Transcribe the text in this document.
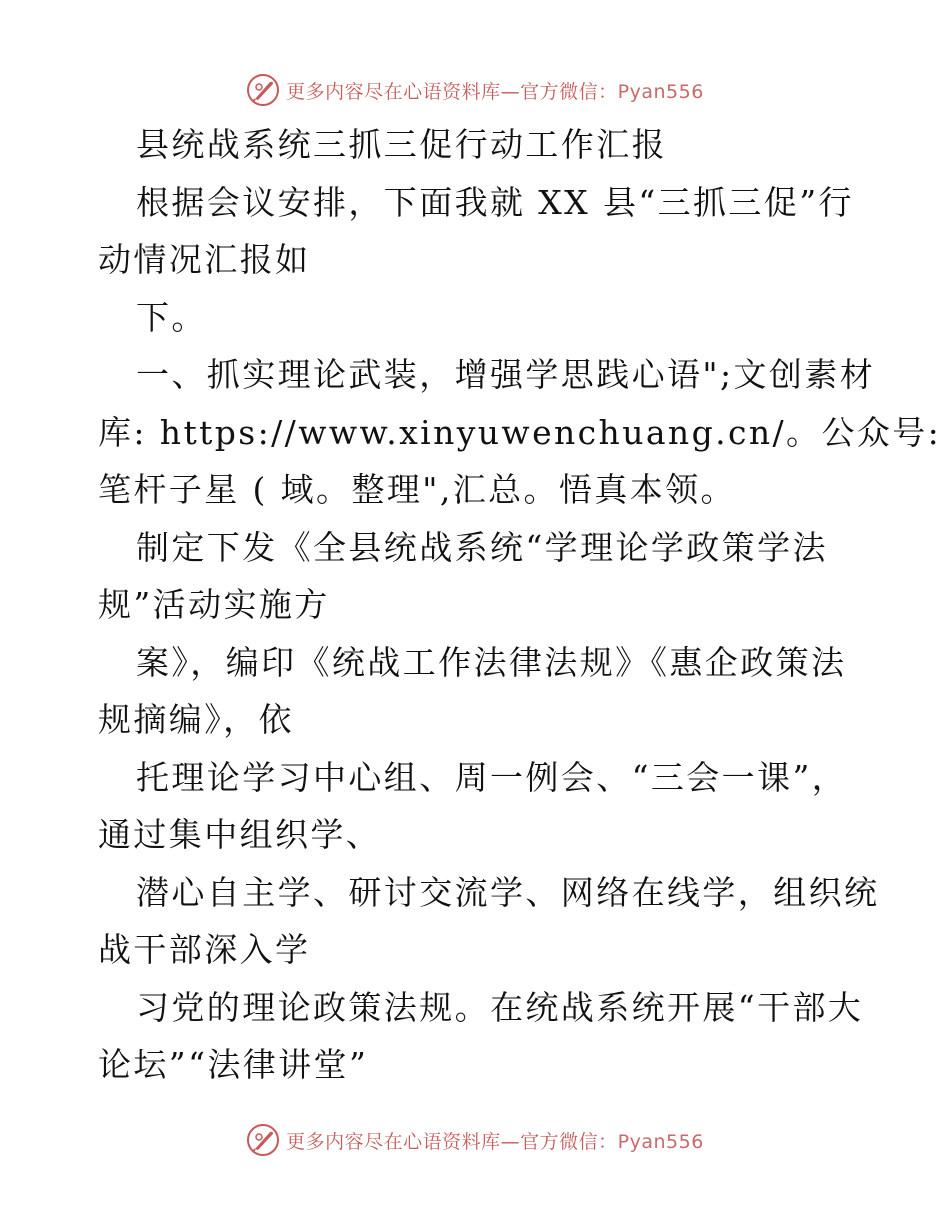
更多内容尽在心语资料库—官方微信：Pyan556
县统战系统三抓三促行动工作汇报
根据会议安排，下面我就 XX 县“三抓三促”行
动情况汇报如
下。
一、抓实理论武装，增强学思践心语";文创素材
库: https://www.xinyuwenchuang.cn/。公众号:
笔杆子星 ( 域。整理",汇总。悟真本领。
制定下发《全县统战系统“学理论学政策学法
规”活动实施方
案》，编印《统战工作法律法规》《惠企政策法
规摘编》，依
托理论学习中心组、周一例会、“三会一课”，
通过集中组织学、
潜心自主学、研讨交流学、网络在线学，组织统
战干部深入学
习党的理论政策法规。在统战系统开展“干部大
论坛”“法律讲堂”
更多内容尽在心语资料库—官方微信：Pyan556
